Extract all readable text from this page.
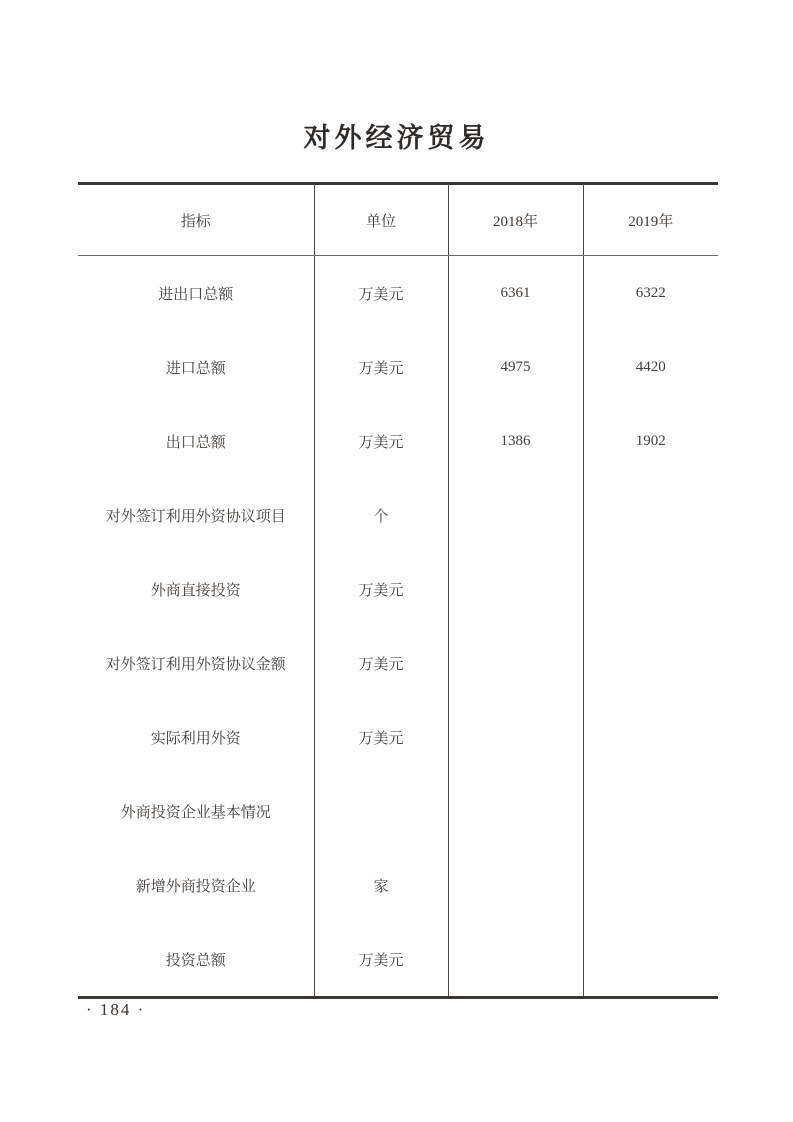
对外经济贸易
指标	单位	2018年	2019年
进出口总额	万美元	6361	6322
进口总额	万美元	4975	4420
出口总额	万美元	1386	1902
对外签订利用外资协议项目	个		
外商直接投资	万美元		
对外签订利用外资协议金额	万美元		
实际利用外资	万美元		
外商投资企业基本情况			
新增外商投资企业	家		
投资总额	万美元		
· 184 ·
